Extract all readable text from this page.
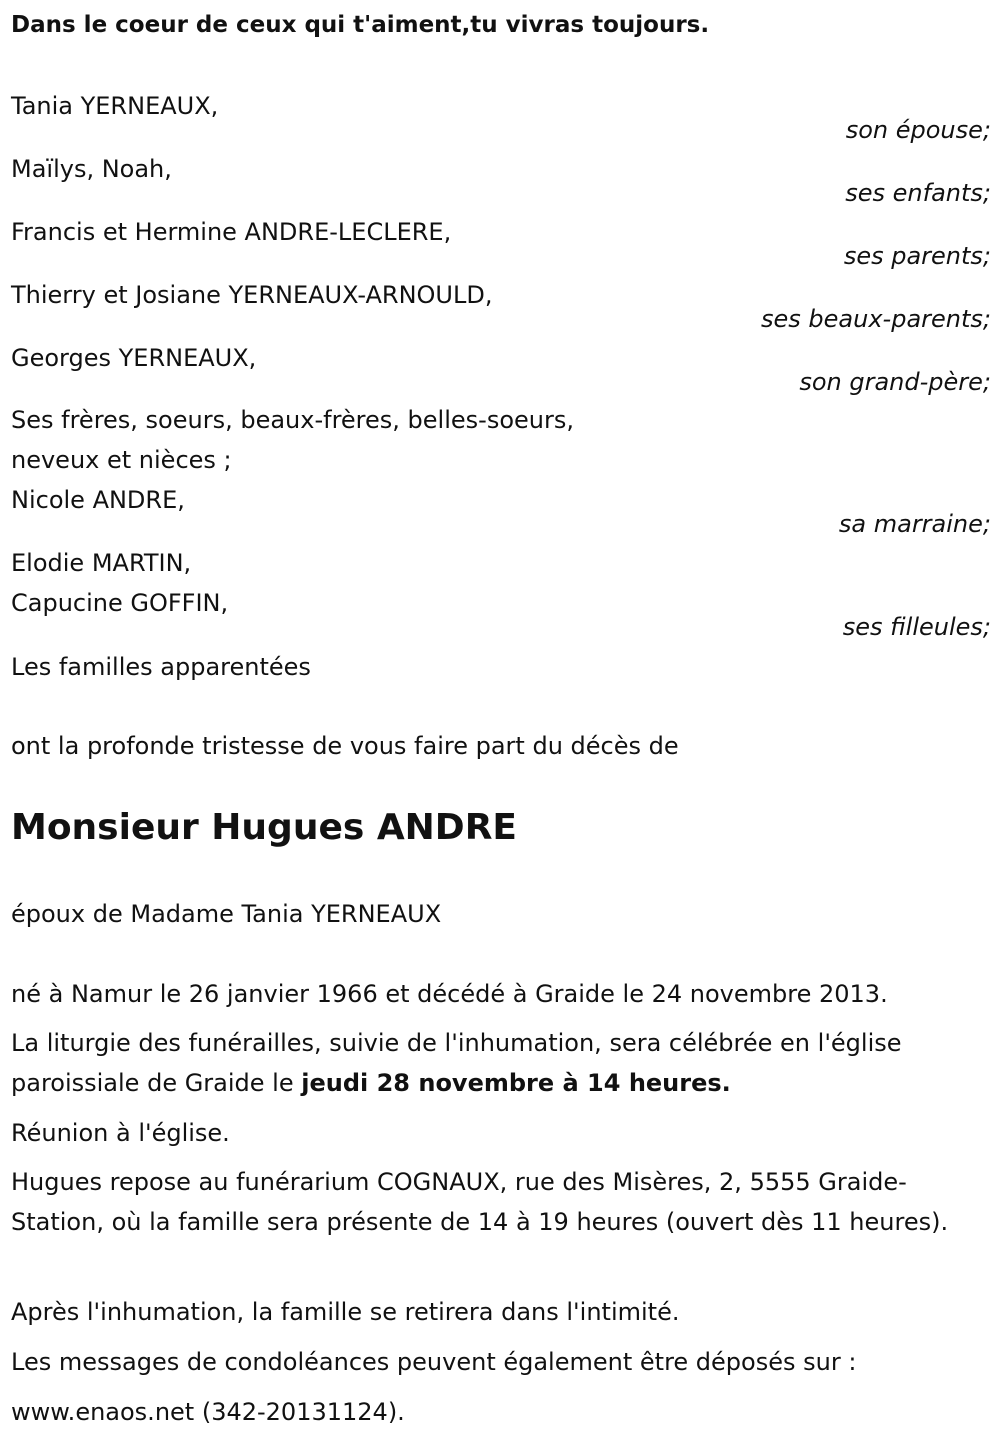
Dans le coeur de ceux qui t'aiment,tu vivras toujours.
Tania YERNEAUX,
son épouse;
Maïlys, Noah,
ses enfants;
Francis et Hermine ANDRE-LECLERE,
ses parents;
Thierry et Josiane YERNEAUX-ARNOULD,
ses beaux-parents;
Georges YERNEAUX,
son grand-père;
Ses frères, soeurs, beaux-frères, belles-soeurs,
neveux et nièces ;
Nicole ANDRE,
sa marraine;
Elodie MARTIN,
Capucine GOFFIN,
ses filleules;
Les familles apparentées
ont la profonde tristesse de vous faire part du décès de
Monsieur Hugues ANDRE
époux de Madame Tania YERNEAUX
né à Namur le 26 janvier 1966 et décédé à Graide le 24 novembre 2013.
La liturgie des funérailles, suivie de l'inhumation, sera célébrée en l'église paroissiale de Graide le jeudi 28 novembre à 14 heures.
Réunion à l'église.
Hugues repose au funérarium COGNAUX, rue des Misères, 2, 5555 Graide-Station, où la famille sera présente de 14 à 19 heures (ouvert dès 11 heures).
Après l'inhumation, la famille se retirera dans l'intimité.
Les messages de condoléances peuvent également être déposés sur :
www.enaos.net (342-20131124).
